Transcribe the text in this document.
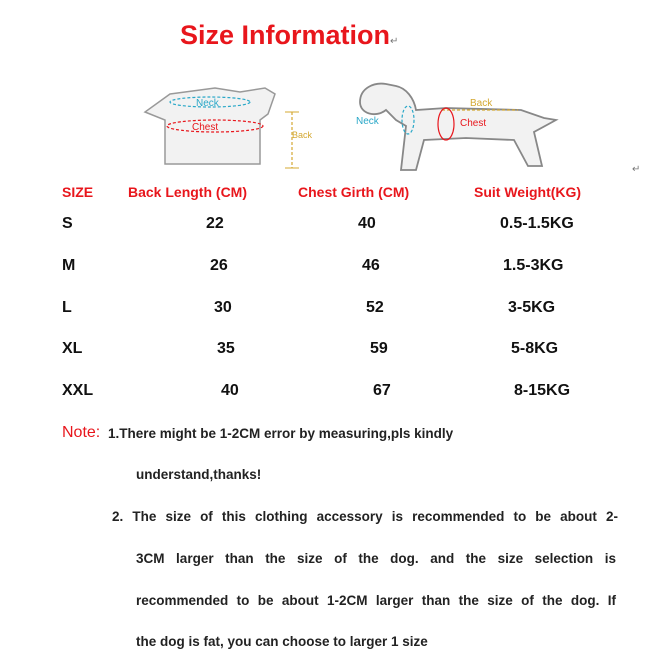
Size Information↵
Neck
Chest
Back
Back
Neck	Chest
↵
SIZE Back Length (CM)	Chest Girth (CM)	Suit Weight(KG)
S	22	40	0.5-1.5KG
M	26	46	1.5-3KG
L	30	52	3-5KG
XL	35	59	5-8KG
XXL	40	67	8-15KG
Note: 1.There might be 1-2CM error by measuring,pls kindly
understand,thanks!
2. The size of this clothing accessory is recommended to be about 2-
3CM larger than the size of the dog. and the size selection is
recommended to be about 1-2CM larger than the size of the dog. If
the dog is fat, you can choose to larger 1 size
